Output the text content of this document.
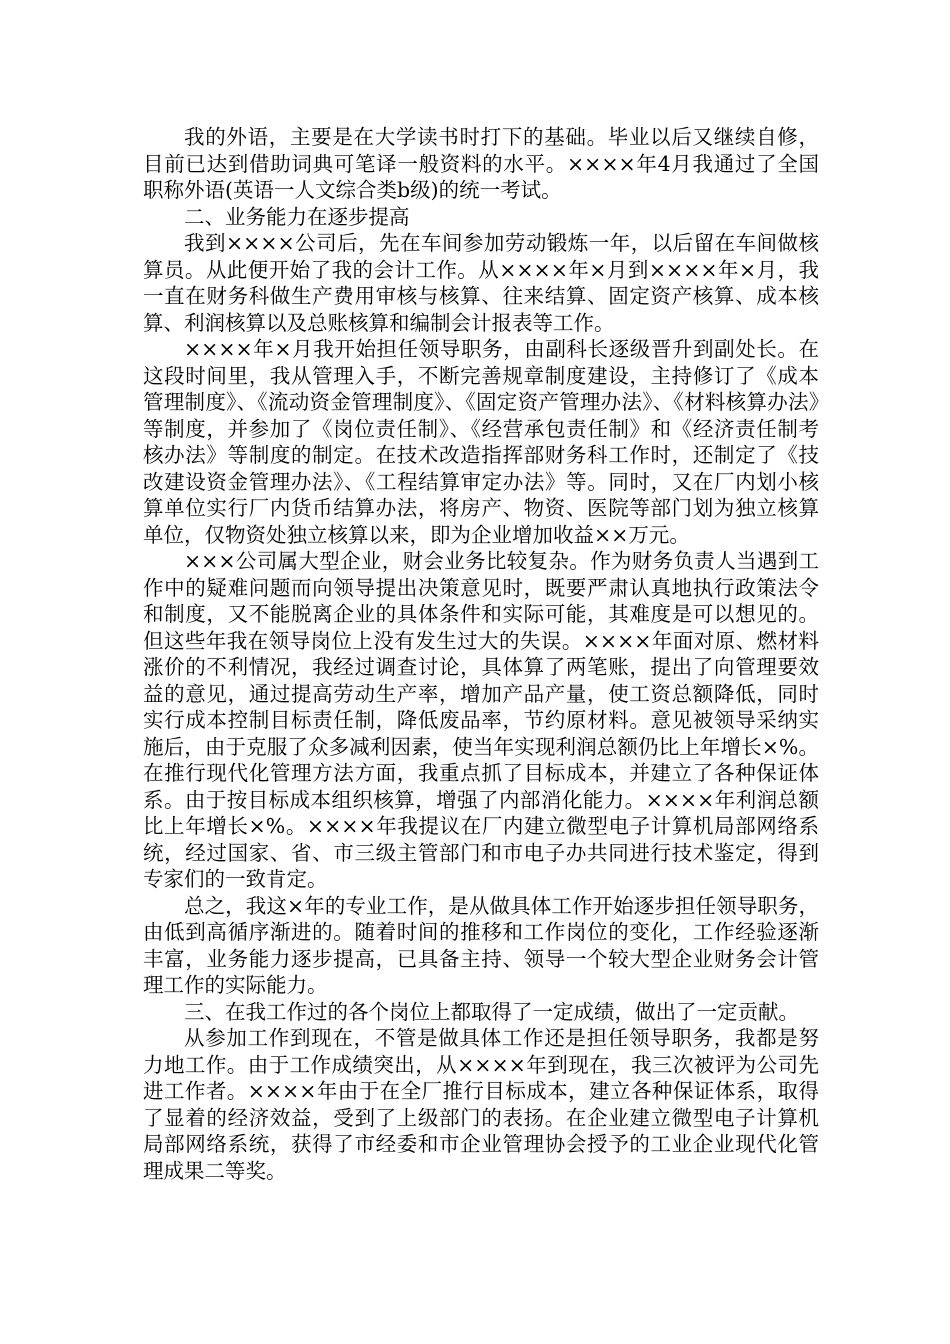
我的外语，主要是在大学读书时打下的基础。毕业以后又继续自修，目前已达到借助词典可笔译一般资料的水平。××××年4月我通过了全国职称外语(英语一人文综合类b级)的统一考试。

二、业务能力在逐步提高

我到××××公司后，先在车间参加劳动锻炼一年，以后留在车间做核算员。从此便开始了我的会计工作。从××××年×月到××××年×月，我一直在财务科做生产费用审核与核算、往来结算、固定资产核算、成本核算、利润核算以及总账核算和编制会计报表等工作。

××××年×月我开始担任领导职务，由副科长逐级晋升到副处长。在这段时间里，我从管理入手，不断完善规章制度建设，主持修订了《成本管理制度》、《流动资金管理制度》、《固定资产管理办法》、《材料核算办法》等制度，并参加了《岗位责任制》、《经营承包责任制》和《经济责任制考核办法》等制度的制定。在技术改造指挥部财务科工作时，还制定了《技改建设资金管理办法》、《工程结算审定办法》等。同时，又在厂内划小核算单位实行厂内货币结算办法，将房产、物资、医院等部门划为独立核算单位，仅物资处独立核算以来，即为企业增加收益××万元。

×××公司属大型企业，财会业务比较复杂。作为财务负责人当遇到工作中的疑难问题而向领导提出决策意见时，既要严肃认真地执行政策法令和制度，又不能脱离企业的具体条件和实际可能，其难度是可以想见的。但这些年我在领导岗位上没有发生过大的失误。××××年面对原、燃材料涨价的不利情况，我经过调查讨论，具体算了两笔账，提出了向管理要效益的意见，通过提高劳动生产率，增加产品产量，使工资总额降低，同时实行成本控制目标责任制，降低废品率，节约原材料。意见被领导采纳实施后，由于克服了众多减利因素，使当年实现利润总额仍比上年增长×%。在推行现代化管理方法方面，我重点抓了目标成本，并建立了各种保证体系。由于按目标成本组织核算，增强了内部消化能力。××××年利润总额比上年增长×%。××××年我提议在厂内建立微型电子计算机局部网络系统，经过国家、省、市三级主管部门和市电子办共同进行技术鉴定，得到专家们的一致肯定。

总之，我这×年的专业工作，是从做具体工作开始逐步担任领导职务，由低到高循序渐进的。随着时间的推移和工作岗位的变化，工作经验逐渐丰富，业务能力逐步提高，已具备主持、领导一个较大型企业财务会计管理工作的实际能力。

三、在我工作过的各个岗位上都取得了一定成绩，做出了一定贡献。

从参加工作到现在，不管是做具体工作还是担任领导职务，我都是努力地工作。由于工作成绩突出，从××××年到现在，我三次被评为公司先进工作者。××××年由于在全厂推行目标成本，建立各种保证体系，取得了显着的经济效益，受到了上级部门的表扬。在企业建立微型电子计算机局部网络系统，获得了市经委和市企业管理协会授予的工业企业现代化管理成果二等奖。
